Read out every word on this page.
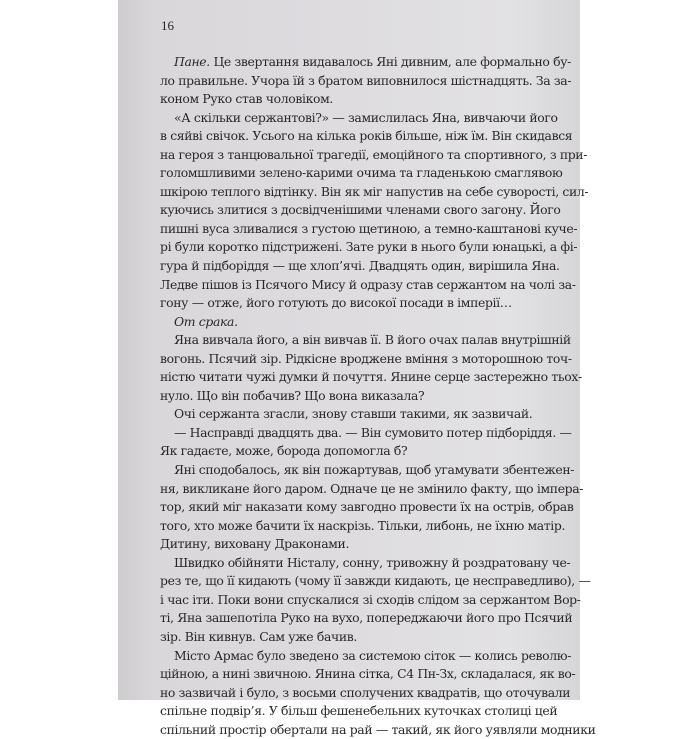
16
Пане. Це звертання видавалось Яні дивним, але формально бу-
ло правильне. Учора їй з братом виповнилося шістнадцять. За за-
коном Руко став чоловіком.
«А скільки сержантові?» — замислилась Яна, вивчаючи його
в сяйві свічок. Усього на кілька років більше, ніж їм. Він скидався
на героя з танцювальної трагедії, емоційного та спортивного, з при-
голомшливими зелено-карими очима та гладенькою смаглявою
шкірою теплого відтінку. Він як міг напустив на себе суворості, сил-
куючись злитися з досвідченішими членами свого загону. Його
пишні вуса зливалися з густою щетиною, а темно-каштанові куче-
рі були коротко підстрижені. Зате руки в нього були юнацькі, а фі-
гура й підборіддя — ще хлоп’ячі. Двадцять один, вирішила Яна.
Ледве пішов із Псячого Мису й одразу став сержантом на чолі за-
гону — отже, його готують до високої посади в імперії…
От срака.
Яна вивчала його, а він вивчав її. В його очах палав внутрішній
вогонь. Псячий зір. Рідкісне вроджене вміння з моторошною точ-
ністю читати чужі думки й почуття. Янине серце застережно тьох-
нуло. Що він побачив? Що вона виказала?
Очі сержанта згасли, знову ставши такими, як зазвичай.
— Насправді двадцять два. — Він сумовито потер підборіддя. —
Як гадаєте, може, борода допомогла б?
Яні сподобалось, як він пожартував, щоб угамувати збентежен-
ня, викликане його даром. Одначе це не змінило факту, що імпера-
тор, який міг наказати кому завгодно провести їх на острів, обрав
того, хто може бачити їх наскрізь. Тільки, либонь, не їхню матір.
Дитину, виховану Драконами.
Швидко обійняти Ністалу, сонну, тривожну й роздратовану че-
рез те, що її кидають (чому її завжди кидають, це несправедливо), —
і час іти. Поки вони спускалися зі сходів слідом за сержантом Вор-
ті, Яна зашепотіла Руко на вухо, попереджаючи його про Псячий
зір. Він кивнув. Сам уже бачив.
Місто Армас було зведено за системою сіток — колись револю-
ційною, а нині звичною. Янина сітка, С4 Пн-Зх, складалася, як во-
но зазвичай і було, з восьми сполучених квадратів, що оточували
спільне подвір’я. У більш фешенебельних куточках столиці цей
спільний простір обертали на рай — такий, як його уявляли модники
